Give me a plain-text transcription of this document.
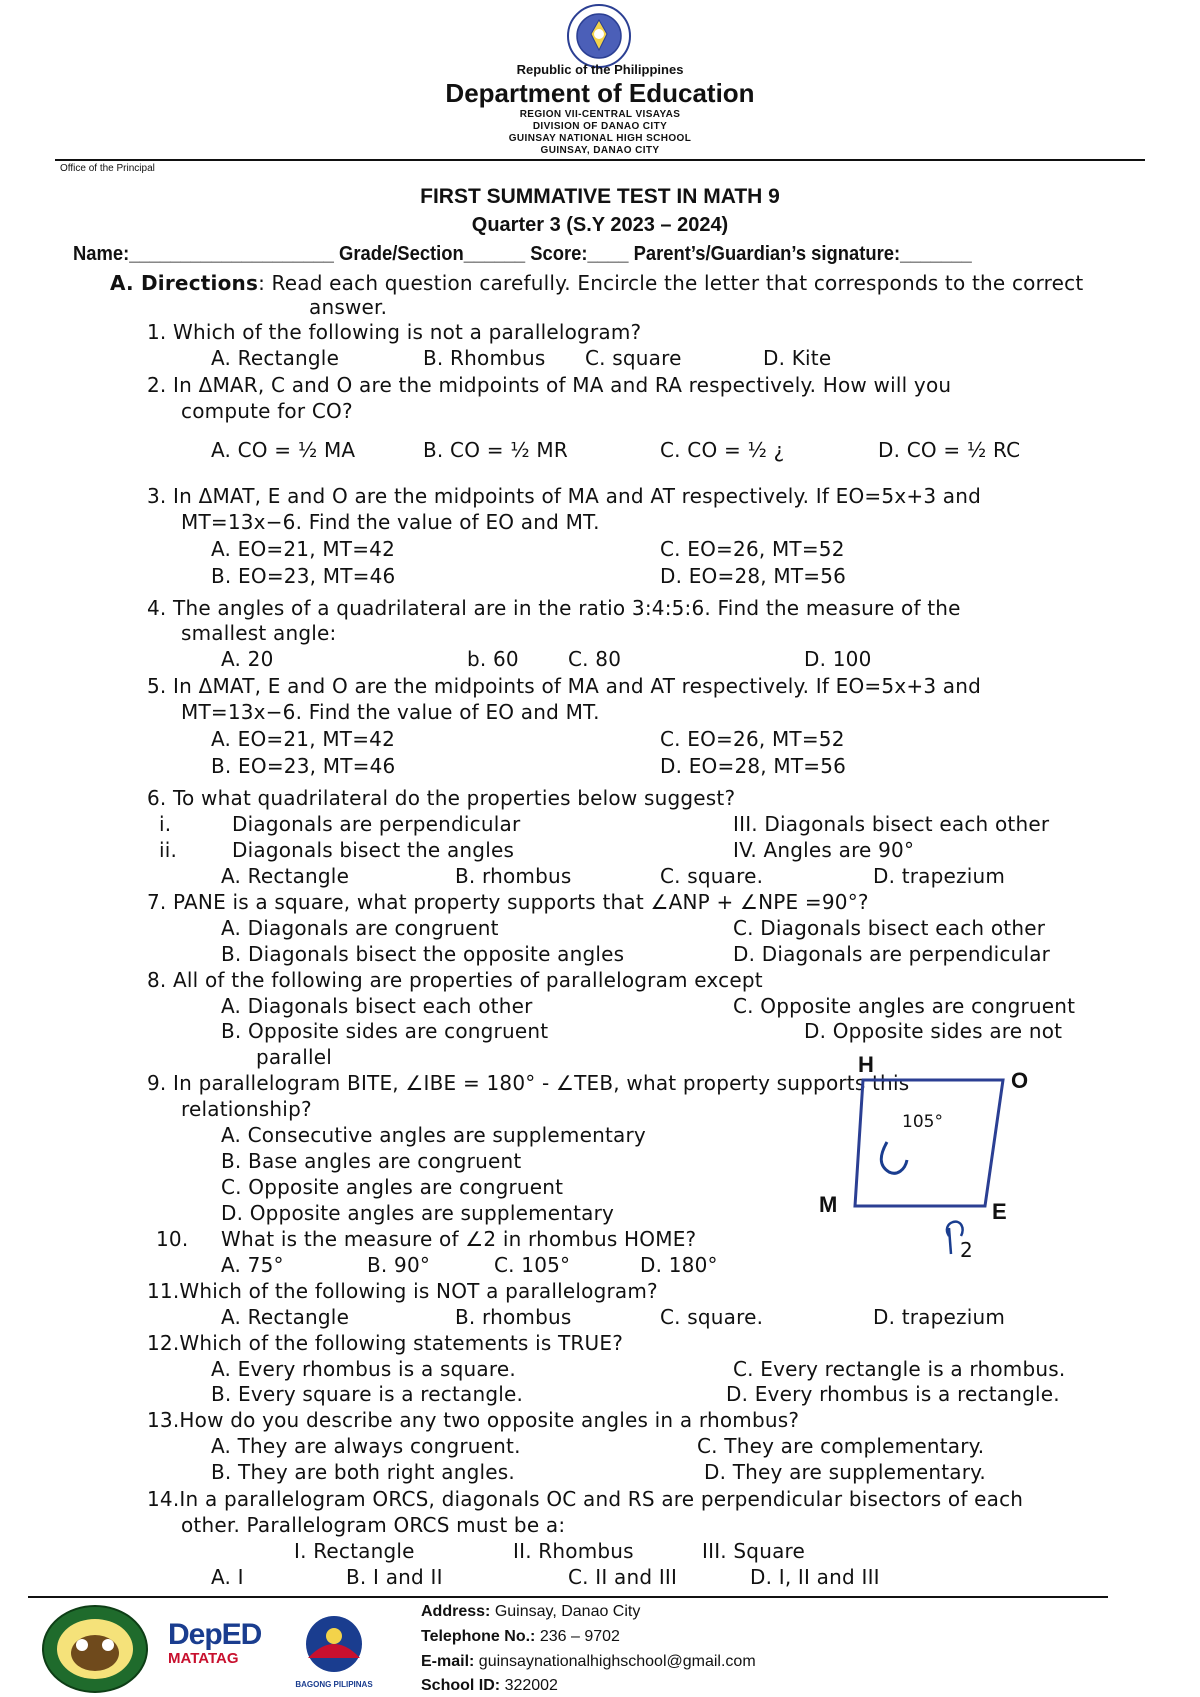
Republic of the Philippines
Department of Education
REGION VII-CENTRAL VISAYAS
DIVISION OF DANAO CITY
GUINSAY NATIONAL HIGH SCHOOL
GUINSAY, DANAO CITY
Office of the Principal
FIRST SUMMATIVE TEST IN MATH 9
Quarter 3 (S.Y 2023 – 2024)
Name:____________________ Grade/Section______ Score:____ Parent’s/Guardian’s signature:_______
A. Directions: Read each question carefully. Encircle the letter that corresponds to the correct
answer.
1. Which of the following is not a parallelogram?
A. Rectangle	B. Rhombus C. square	D. Kite
2. In ΔMAR, C and O are the midpoints of MA and RA respectively. How will you
compute for CO?
A. CO = ½ MA	B. CO = ½ MR	C. CO = ½ ¿	D. CO = ½ RC
3. In ΔMAT, E and O are the midpoints of MA and AT respectively. If EO=5x+3 and
MT=13x−6. Find the value of EO and MT.
A. EO=21, MT=42
B. EO=23, MT=46
C. EO=26, MT=52
D. EO=28, MT=56
4. The angles of a quadrilateral are in the ratio 3:4:5:6. Find the measure of the
smallest angle:
A. 20	b. 60 C. 80	D. 100
5. In ΔMAT, E and O are the midpoints of MA and AT respectively. If EO=5x+3 and
MT=13x−6. Find the value of EO and MT.
A. EO=21, MT=42
B. EO=23, MT=46
C. EO=26, MT=52
D. EO=28, MT=56
6. To what quadrilateral do the properties below suggest?
i.	Diagonals are perpendicular	III. Diagonals bisect each other
ii.	Diagonals bisect the angles	IV. Angles are 90°
A. Rectangle	B. rhombus	C. square.	D. trapezium
7. PANE is a square, what property supports that ∠ANP + ∠NPE =90°?
A. Diagonals are congruent
B. Diagonals bisect the opposite angles
C. Diagonals bisect each other
D. Diagonals are perpendicular
8. All of the following are properties of parallelogram except
A. Diagonals bisect each other
B. Opposite sides are congruent
C. Opposite angles are congruent
D. Opposite sides are not
parallel
9. In parallelogram BITE, ∠IBE = 180° - ∠TEB, what property supports this
relationship?
A. Consecutive angles are supplementary
B. Base angles are congruent
C. Opposite angles are congruent
D. Opposite angles are supplementary
H
O
M	E
105°
2
10. What is the measure of ∠2 in rhombus HOME?
A. 75°	B. 90°	C. 105°	D. 180°
11.Which of the following is NOT a parallelogram?
A. Rectangle	B. rhombus	C. square.	D. trapezium
12.Which of the following statements is TRUE?
A. Every rhombus is a square.
B. Every square is a rectangle.
C. Every rectangle is a rhombus.
D. Every rhombus is a rectangle.
13.How do you describe any two opposite angles in a rhombus?
A. They are always congruent.
B. They are both right angles.
C. They are complementary.
D. They are supplementary.
14.In a parallelogram ORCS, diagonals OC and RS are perpendicular bisectors of each
other. Parallelogram ORCS must be a:
I. Rectangle	II. Rhombus	III. Square
A. I	B. I and II	C. II and III	D. I, II and III
DepED
MATATAG
BAGONG PILIPINAS
Address: Guinsay, Danao City
Telephone No.: 236 – 9702
E-mail: guinsaynationalhighschool@gmail.com
School ID: 322002
